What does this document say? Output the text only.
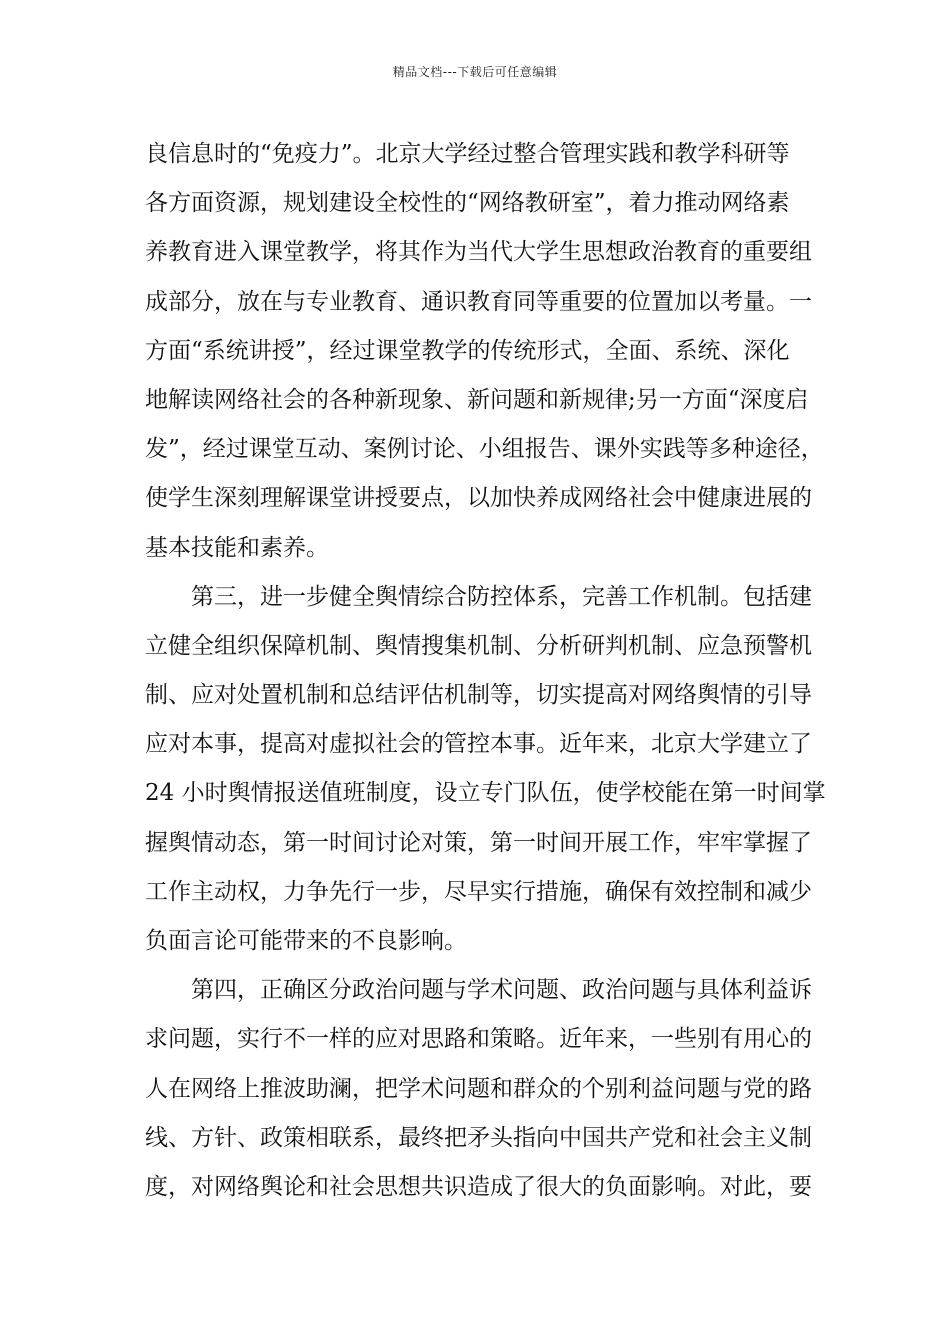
精品文档---下载后可任意编辑
良信息时的“免疫力”。北京大学经过整合管理实践和教学科研等
各方面资源，规划建设全校性的“网络教研室”，着力推动网络素
养教育进入课堂教学，将其作为当代大学生思想政治教育的重要组
成部分，放在与专业教育、通识教育同等重要的位置加以考量。一
方面“系统讲授”，经过课堂教学的传统形式，全面、系统、深化
地解读网络社会的各种新现象、新问题和新规律;另一方面“深度启
发”，经过课堂互动、案例讨论、小组报告、课外实践等多种途径，
使学生深刻理解课堂讲授要点，以加快养成网络社会中健康进展的
基本技能和素养。
　　第三，进一步健全舆情综合防控体系，完善工作机制。包括建
立健全组织保障机制、舆情搜集机制、分析研判机制、应急预警机
制、应对处置机制和总结评估机制等，切实提高对网络舆情的引导
应对本事，提高对虚拟社会的管控本事。近年来，北京大学建立了
24 小时舆情报送值班制度，设立专门队伍，使学校能在第一时间掌
握舆情动态，第一时间讨论对策，第一时间开展工作，牢牢掌握了
工作主动权，力争先行一步，尽早实行措施，确保有效控制和减少
负面言论可能带来的不良影响。
　　第四，正确区分政治问题与学术问题、政治问题与具体利益诉
求问题，实行不一样的应对思路和策略。近年来，一些别有用心的
人在网络上推波助澜，把学术问题和群众的个别利益问题与党的路
线、方针、政策相联系，最终把矛头指向中国共产党和社会主义制
度，对网络舆论和社会思想共识造成了很大的负面影响。对此，要
